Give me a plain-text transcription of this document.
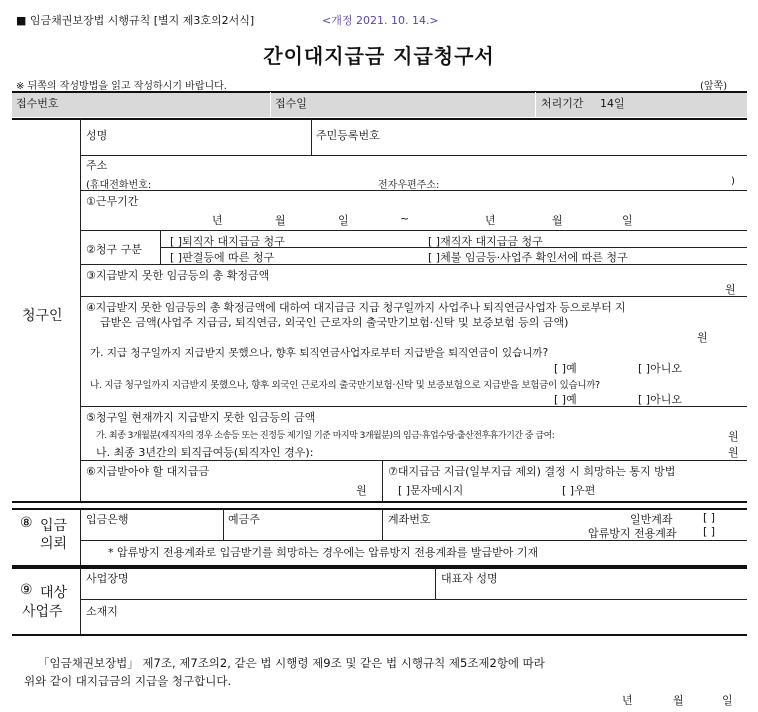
■ 임금채권보장법 시행규칙 [별지 제3호의2서식]	<개정 2021. 10. 14.>
간이대지급금 지급청구서
※ 뒤쪽의 작성방법을 읽고 작성하시기 바랍니다.	(앞쪽)
접수번호	접수일	처리기간 14일
청구인
성명	주민등록번호
주소
(휴대전화번호:	전자우편주소:	)
①근무기간
년	월	일	~	년	월	일
②청구 구분
[ ]퇴직자 대지급금 청구	[ ]재직자 대지급금 청구
[ ]판결등에 따른 청구	[ ]체불 임금등·사업주 확인서에 따른 청구
③지급받지 못한 임금등의 총 확정금액
원
④지급받지 못한 임금등의 총 확정금액에 대하여 대지급금 지급 청구일까지 사업주나 퇴직연금사업자 등으로부터 지
급받은 금액(사업주 지급금, 퇴직연금, 외국인 근로자의 출국만기보험·신탁 및 보증보험 등의 금액)
원
가. 지급 청구일까지 지급받지 못했으나, 향후 퇴직연금사업자로부터 지급받을 퇴직연금이 있습니까?
[ ]예	[ ]아니오
나. 지급 청구일까지 지급받지 못했으나, 향후 외국인 근로자의 출국만기보험·신탁 및 보증보험으로 지급받을 보험금이 있습니까?
[ ]예	[ ]아니오
⑤청구일 현재까지 지급받지 못한 임금등의 금액
가. 최종 3개월분(재직자의 경우 소송등 또는 진정등 제기일 기준 마지막 3개월분)의 임금·휴업수당·출산전후휴가기간 중 급여:	원
나. 최종 3년간의 퇴직급여등(퇴직자인 경우):	원
⑥지급받아야 할 대지급금
원
⑦대지급금 지급(일부지급 제외) 결정 시 희망하는 통지 방법
[ ]문자메시지	[ ]우편
⑧ 입금
의뢰
입금은행	예금주	계좌번호	일반계좌	[ ]
압류방지 전용계좌 [ ]
* 압류방지 전용계좌로 입금받기를 희망하는 경우에는 압류방지 전용계좌를 발급받아 기재
⑨ 대상
사업주
사업장명	대표자 성명
소재지
「임금채권보장법」 제7조, 제7조의2, 같은 법 시행령 제9조 및 같은 법 시행규칙 제5조제2항에 따라
위와 같이 대지급금의 지급을 청구합니다.
년	월	일
